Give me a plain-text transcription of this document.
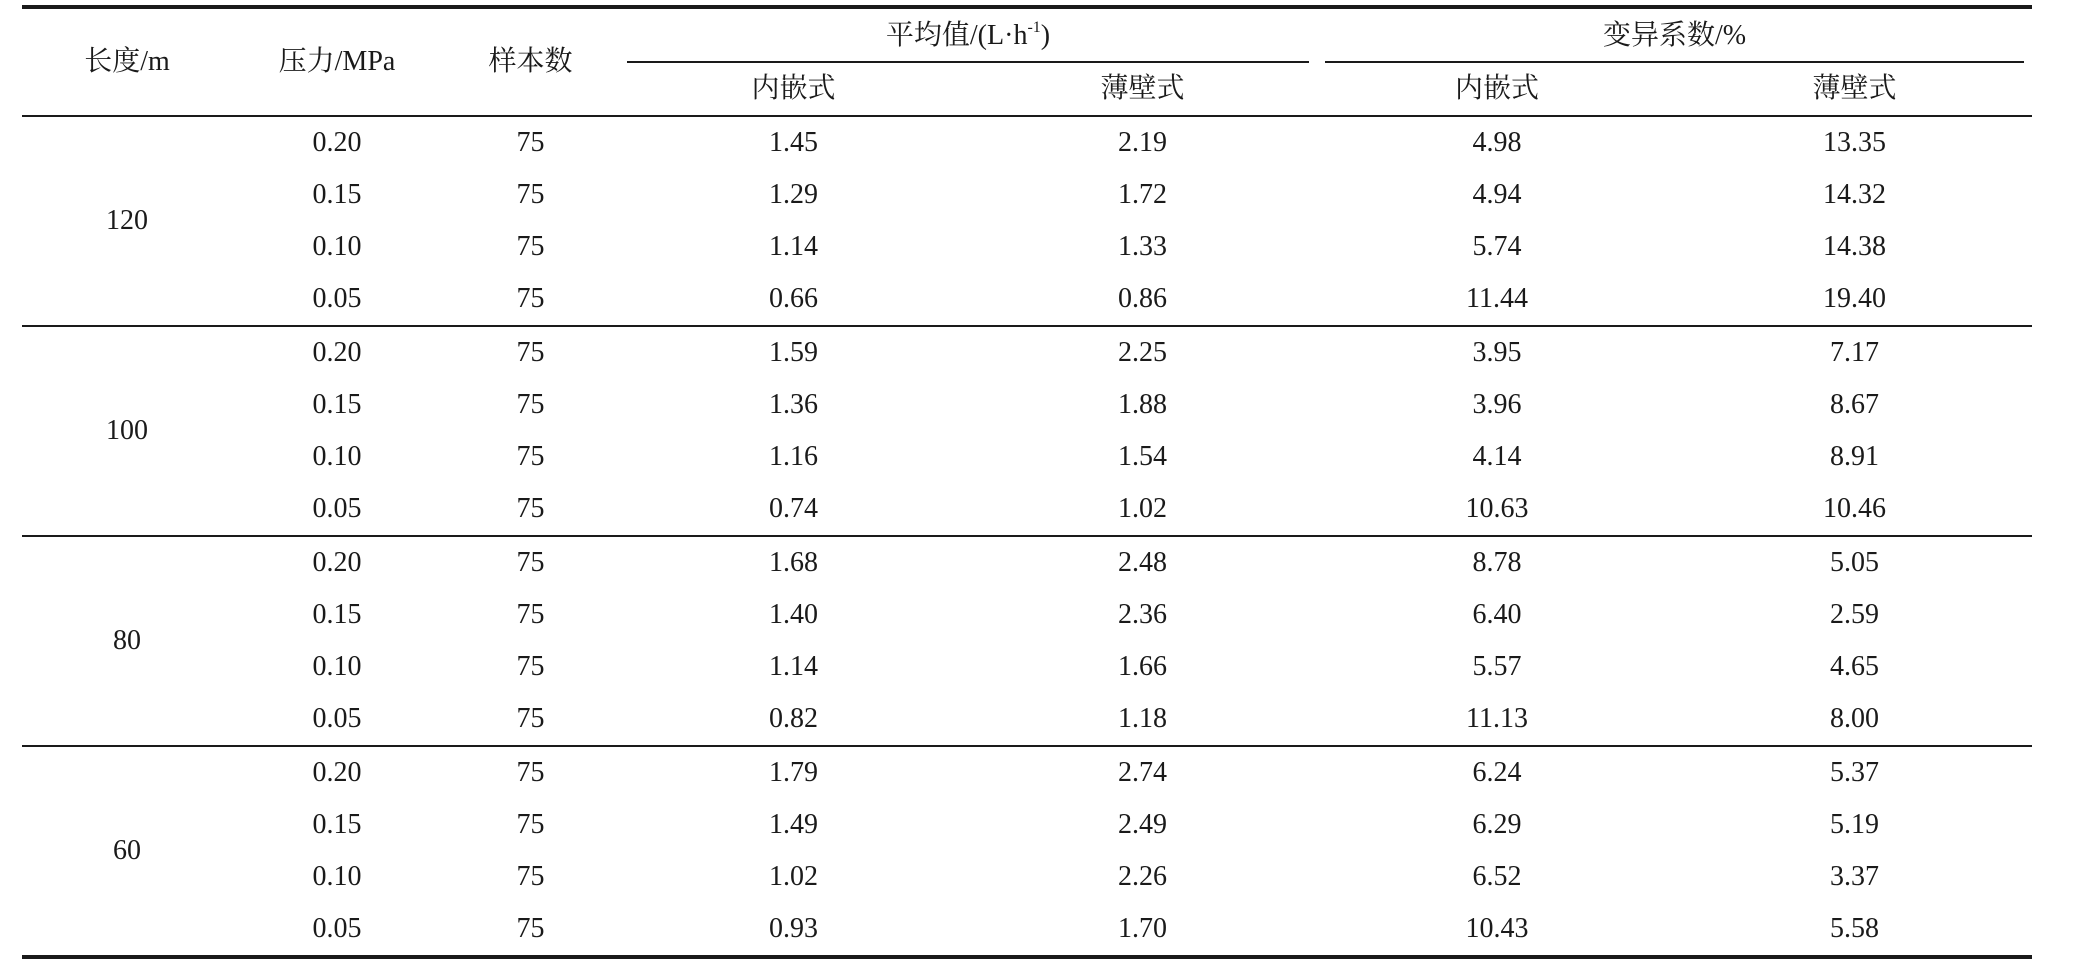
长度/m	压力/MPa	样本数	平均值$/(L\cdot h^{-1})$		变异系数/%	

			内嵌式	薄壁式	内嵌式	薄壁式
120	0.20	75	1.45	2.19	4.98	13.35
	0.15	75	1.29	1.72	4.94	14.32
	0.10	75	1.14	1.33	5.74	14.38
	0.05	75	0.66	0.86	11.44	19.40
100	0.20	75	1.59	2.25	3.95	7.17
	0.15	75	1.36	1.88	3.96	8.67
	0.10	75	1.16	1.54	4.14	8.91
	0.05	75	0.74	1.02	10.63	10.46
80	0.20	75	1.68	2.48	8.78	5.05
	0.15	75	1.40	2.36	6.40	2.59
	0.10	75	1.14	1.66	5.57	4.65
	0.05	75	0.82	1.18	11.13	8.00
60	0.20	75	1.79	2.74	6.24	5.37
	0.15	75	1.49	2.49	6.29	5.19
	0.10	75	1.02	2.26	6.52	3.37
	0.05	75	0.93	1.70	10.43	5.58
